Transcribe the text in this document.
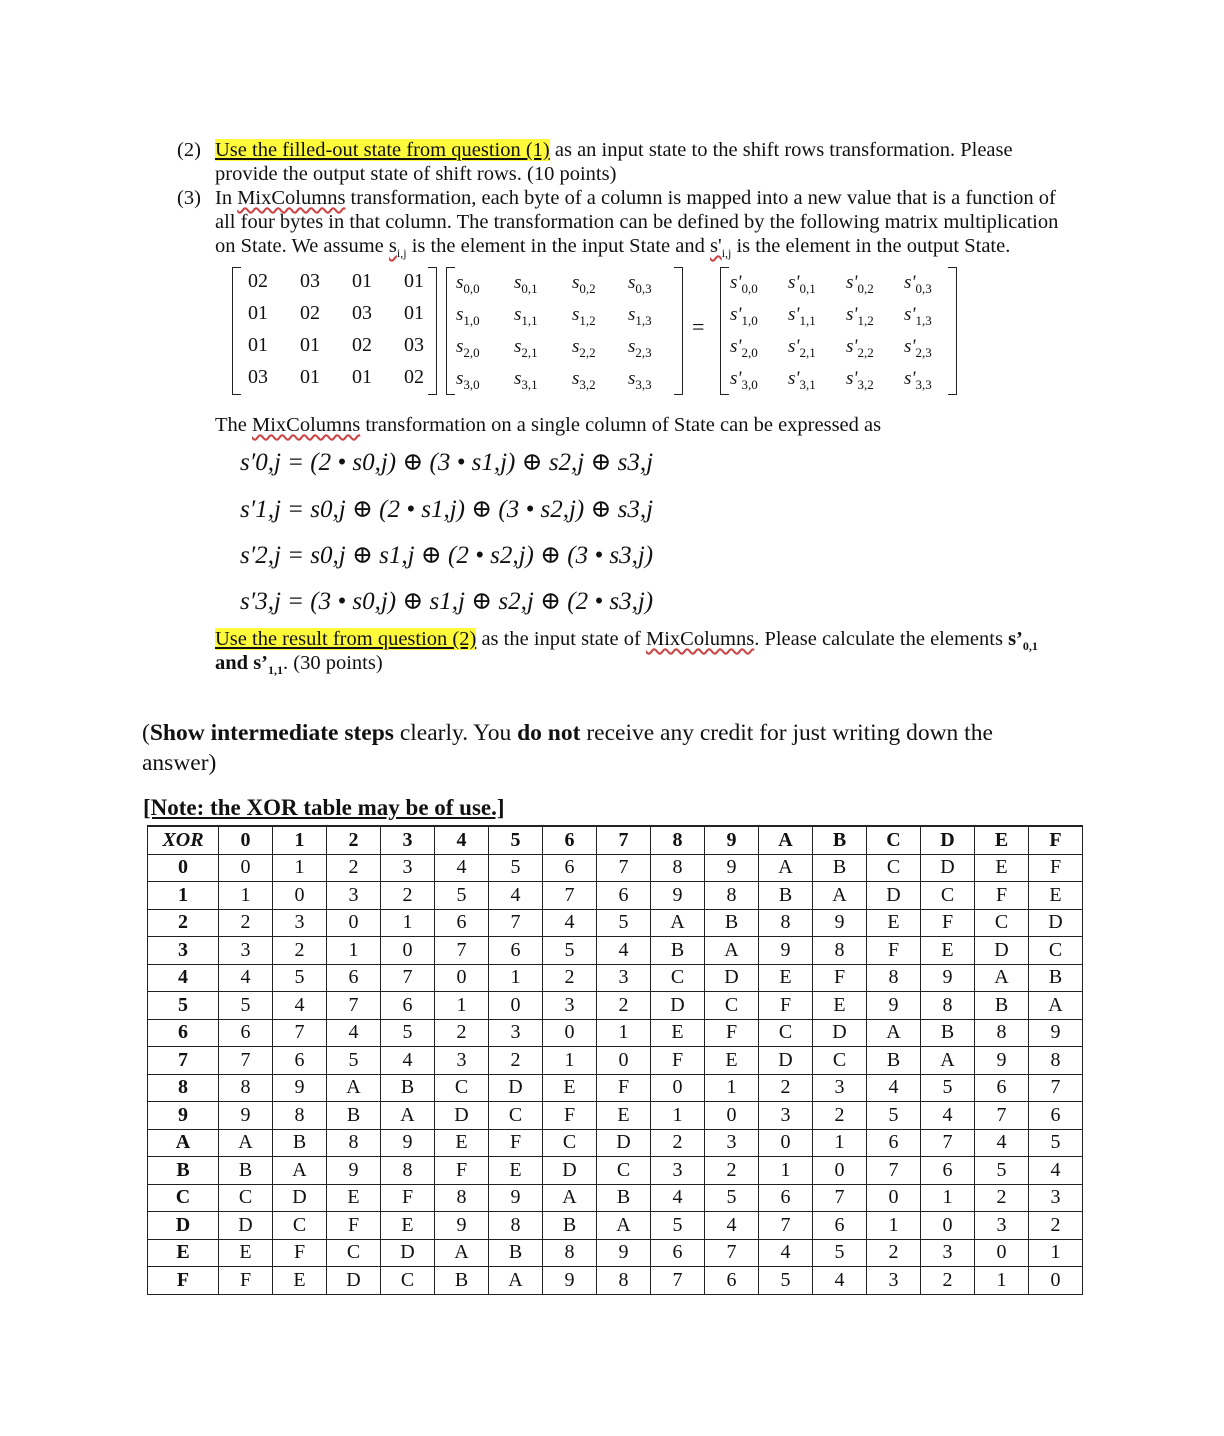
(2) Use the filled-out state from question (1) as an input state to the shift rows transformation. Please
provide the output state of shift rows. (10 points)
(3) In MixColumns transformation, each byte of a column is mapped into a new value that is a function of
all four bytes in that column. The transformation can be defined by the following matrix multiplication
on State. We assume $s_{i,j}$ is the element in the input State and $s'_{i,j}$ is the element in the output State.
=
02	03	01	01
01	02	03	01
01	01	02	03
03	01	01	02
$s_{0,0}$ $s_{0,1}$ $s_{0,2}$ $s_{0,3}$
$s_{1,0}$ $s_{1,1}$ $s_{1,2}$ $s_{1,3}$
$s_{2,0}$ $s_{2,1}$ $s_{2,2}$ $s_{2,3}$
$s_{3,0}$ $s_{3,1}$ $s_{3,2}$ $s_{3,3}$
$s'_{0,0}$ $s'_{0,1}$ $s'_{0,2}$ $s'_{0,3}$
$s'_{1,0}$ $s'_{1,1}$ $s'_{1,2}$ $s'_{1,3}$
$s'_{2,0}$ $s'_{2,1}$ $s'_{2,2}$ $s'_{2,3}$
$s'_{3,0}$ $s'_{3,1}$ $s'_{3,2}$ $s'_{3,3}$
The MixColumns transformation on a single column of State can be expressed as
s′0,j = (2 • s0,j) ⊕ (3 • s1,j) ⊕ s2,j ⊕ s3,j
s′1,j = s0,j ⊕ (2 • s1,j) ⊕ (3 • s2,j) ⊕ s3,j
s′2,j = s0,j ⊕ s1,j ⊕ (2 • s2,j) ⊕ (3 • s3,j)
s′3,j = (3 • s0,j) ⊕ s1,j ⊕ s2,j ⊕ (2 • s3,j)
Use the result from question (2) as the input state of MixColumns. Please calculate the elements $s’_{0,1}$
and $s’_{1,1}$. (30 points)
(Show intermediate steps clearly. You do not receive any credit for just writing down the
answer)
[Note: the XOR table may be of use.]
XOR	0	1	2	3	4	5	6	7	8	9	A	B	C	D	E	F
0	0	1	2	3	4	5	6	7	8	9	A	B	C	D	E	F
1	1	0	3	2	5	4	7	6	9	8	B	A	D	C	F	E
2	2	3	0	1	6	7	4	5	A	B	8	9	E	F	C	D
3	3	2	1	0	7	6	5	4	B	A	9	8	F	E	D	C
4	4	5	6	7	0	1	2	3	C	D	E	F	8	9	A	B
5	5	4	7	6	1	0	3	2	D	C	F	E	9	8	B	A
6	6	7	4	5	2	3	0	1	E	F	C	D	A	B	8	9
7	7	6	5	4	3	2	1	0	F	E	D	C	B	A	9	8
8	8	9	A	B	C	D	E	F	0	1	2	3	4	5	6	7
9	9	8	B	A	D	C	F	E	1	0	3	2	5	4	7	6
A	A	B	8	9	E	F	C	D	2	3	0	1	6	7	4	5
B	B	A	9	8	F	E	D	C	3	2	1	0	7	6	5	4
C	C	D	E	F	8	9	A	B	4	5	6	7	0	1	2	3
D	D	C	F	E	9	8	B	A	5	4	7	6	1	0	3	2
E	E	F	C	D	A	B	8	9	6	7	4	5	2	3	0	1
F	F	E	D	C	B	A	9	8	7	6	5	4	3	2	1	0
